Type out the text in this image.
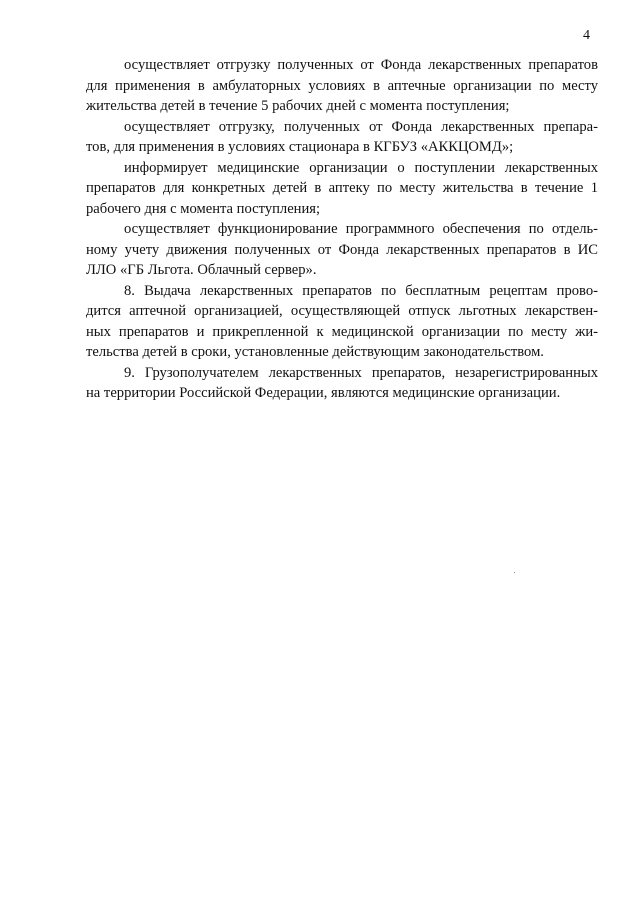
4
осуществляет отгрузку полученных от Фонда лекарственных препаратов
для применения в амбулаторных условиях в аптечные организации по месту
жительства детей в течение 5 рабочих дней с момента поступления;
осуществляет отгрузку, полученных от Фонда лекарственных препара-
тов, для применения в условиях стационара в КГБУЗ «АККЦОМД»;
информирует медицинские организации о поступлении лекарственных
препаратов для конкретных детей в аптеку по месту жительства в течение 1
рабочего дня с момента поступления;
осуществляет функционирование программного обеспечения по отдель-
ному учету движения полученных от Фонда лекарственных препаратов в ИС
ЛЛО «ГБ Льгота. Облачный сервер».
8. Выдача лекарственных препаратов по бесплатным рецептам прово-
дится аптечной организацией, осуществляющей отпуск льготных лекарствен-
ных препаратов и прикрепленной к медицинской организации по месту жи-
тельства детей в сроки, установленные действующим законодательством.
9. Грузополучателем лекарственных препаратов, незарегистрированных
на территории Российской Федерации, являются медицинские организации.
